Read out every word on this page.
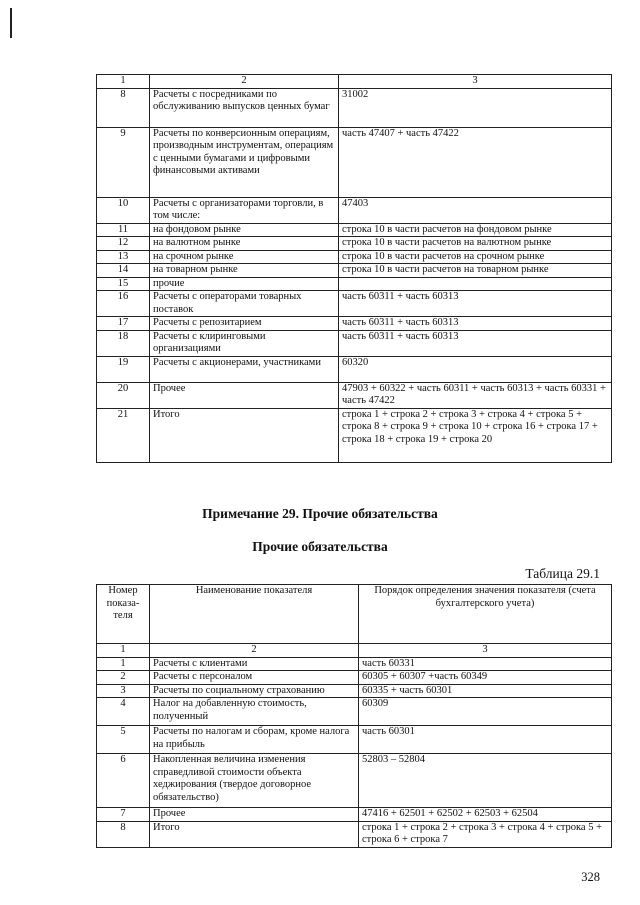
1	2	3
8	Расчеты с посредниками по обслуживанию выпусков ценных бумаг	31002
9	Расчеты по конверсионным операциям, производным инструментам, операциям с ценными бумагами и цифровыми финансовыми активами	часть 47407 + часть 47422
10	Расчеты с организаторами торговли, в том числе:	47403
11	на фондовом рынке	строка 10 в части расчетов на фондовом рынке
12	на валютном рынке	строка 10 в части расчетов на валютном рынке
13	на срочном рынке	строка 10 в части расчетов на срочном рынке
14	на товарном рынке	строка 10 в части расчетов на товарном рынке
15	прочие	
16	Расчеты с операторами товарных поставок	часть 60311 + часть 60313
17	Расчеты с репозитарием	часть 60311 + часть 60313
18	Расчеты с клиринговыми организациями	часть 60311 + часть 60313
19	Расчеты с акционерами, участниками	60320
20	Прочее	47903 + 60322 + часть 60311 + часть 60313 + часть 60331 + часть 47422
21	Итого	строка 1 + строка 2 + строка 3 + строка 4 + строка 5 + строка 8 + строка 9 + строка 10 + строка 16 + строка 17 + строка 18 + строка 19 + строка 20
Примечание 29. Прочие обязательства
Прочие обязательства
Таблица 29.1
Номер показа-теля	Наименование показателя	Порядок определения значения показателя (счета бухгалтерского учета)
1	2	3
1	Расчеты с клиентами	часть 60331
2	Расчеты с персоналом	60305 + 60307 +часть 60349
3	Расчеты по социальному страхованию	60335 + часть 60301
4	Налог на добавленную стоимость, полученный	60309
5	Расчеты по налогам и сборам, кроме налога на прибыль	часть 60301
6	Накопленная величина изменения справедливой стоимости объекта хеджирования (твердое договорное обязательство)	52803 – 52804
7	Прочее	47416 + 62501 + 62502 + 62503 + 62504
8	Итого	строка 1 + строка 2 + строка 3 + строка 4 + строка 5 + строка 6 + строка 7
328
